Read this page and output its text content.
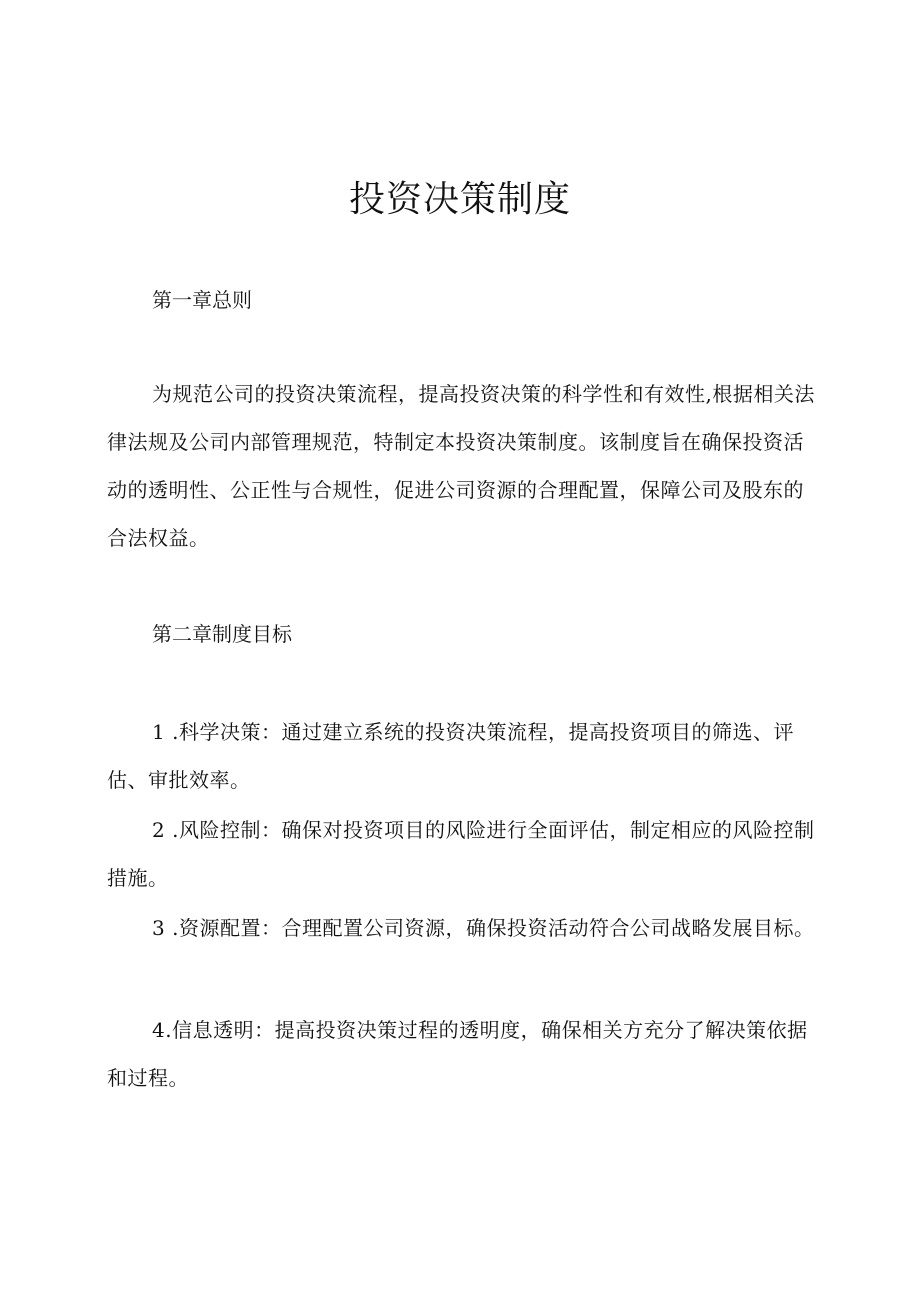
投资决策制度
第一章总则

为规范公司的投资决策流程，提高投资决策的科学性和有效性,根据相关法律法规及公司内部管理规范，特制定本投资决策制度。该制度旨在确保投资活动的透明性、公正性与合规性，促进公司资源的合理配置，保障公司及股东的合法权益。

第二章制度目标

1 .科学决策：通过建立系统的投资决策流程，提高投资项目的筛选、评估、审批效率。

2 .风险控制：确保对投资项目的风险进行全面评估，制定相应的风险控制措施。

3 .资源配置：合理配置公司资源，确保投资活动符合公司战略发展目标。

4.信息透明：提高投资决策过程的透明度，确保相关方充分了解决策依据和过程。
